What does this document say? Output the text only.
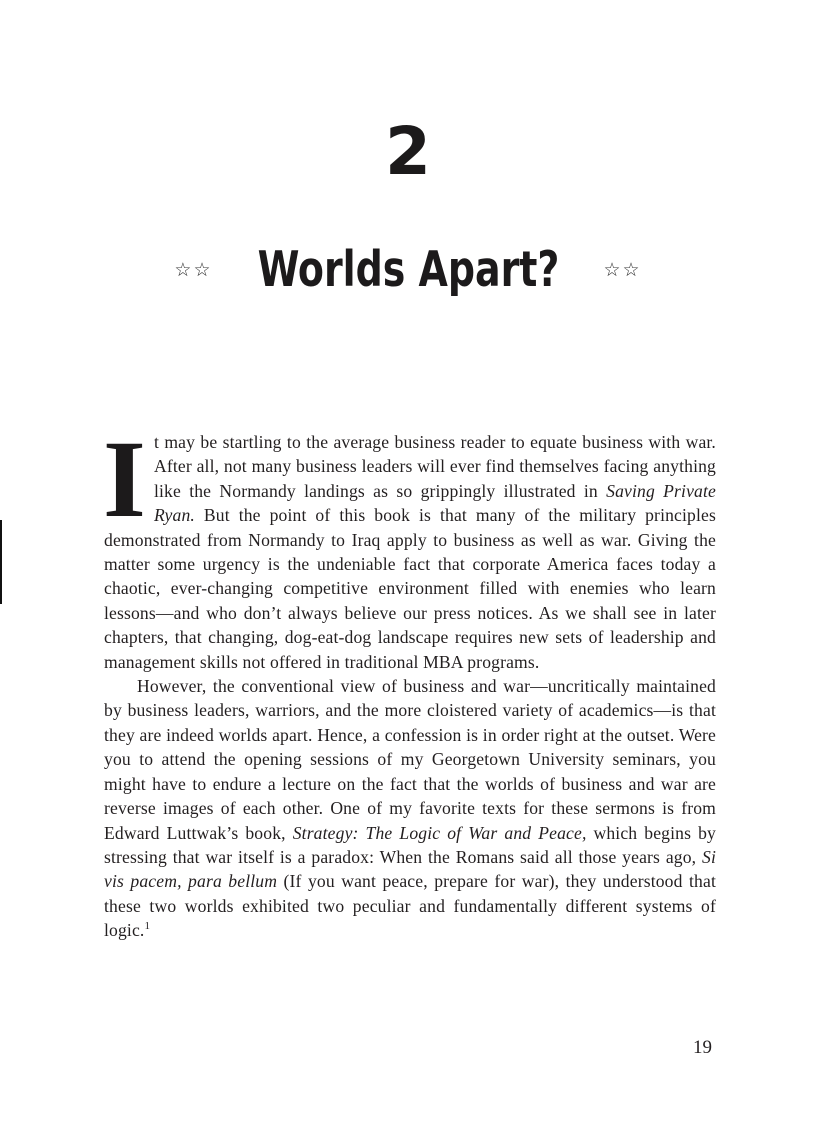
2
☆☆ Worlds Apart? ☆☆

It may be startling to the average business reader to equate business with war. After all, not many business leaders will ever find themselves facing anything like the Normandy landings as so grippingly illustrated in Saving Private Ryan. But the point of this book is that many of the military principles demonstrated from Normandy to Iraq apply to business as well as war. Giving the matter some urgency is the undeniable fact that corporate America faces today a chaotic, ever-changing competitive environment filled with enemies who learn lessons—and who don’t always believe our press notices. As we shall see in later chapters, that changing, dog-eat-dog landscape requires new sets of leadership and management skills not offered in traditional MBA programs.

However, the conventional view of business and war—uncritically maintained by business leaders, warriors, and the more cloistered variety of academics—is that they are indeed worlds apart. Hence, a confession is in order right at the outset. Were you to attend the opening sessions of my Georgetown University seminars, you might have to endure a lecture on the fact that the worlds of business and war are reverse images of each other. One of my favorite texts for these sermons is from Edward Luttwak’s book, Strategy: The Logic of War and Peace, which begins by stressing that war itself is a paradox: When the Romans said all those years ago, Si vis pacem, para bellum (If you want peace, prepare for war), they understood that these two worlds exhibited two peculiar and fundamentally different systems of logic.$^1$

19
